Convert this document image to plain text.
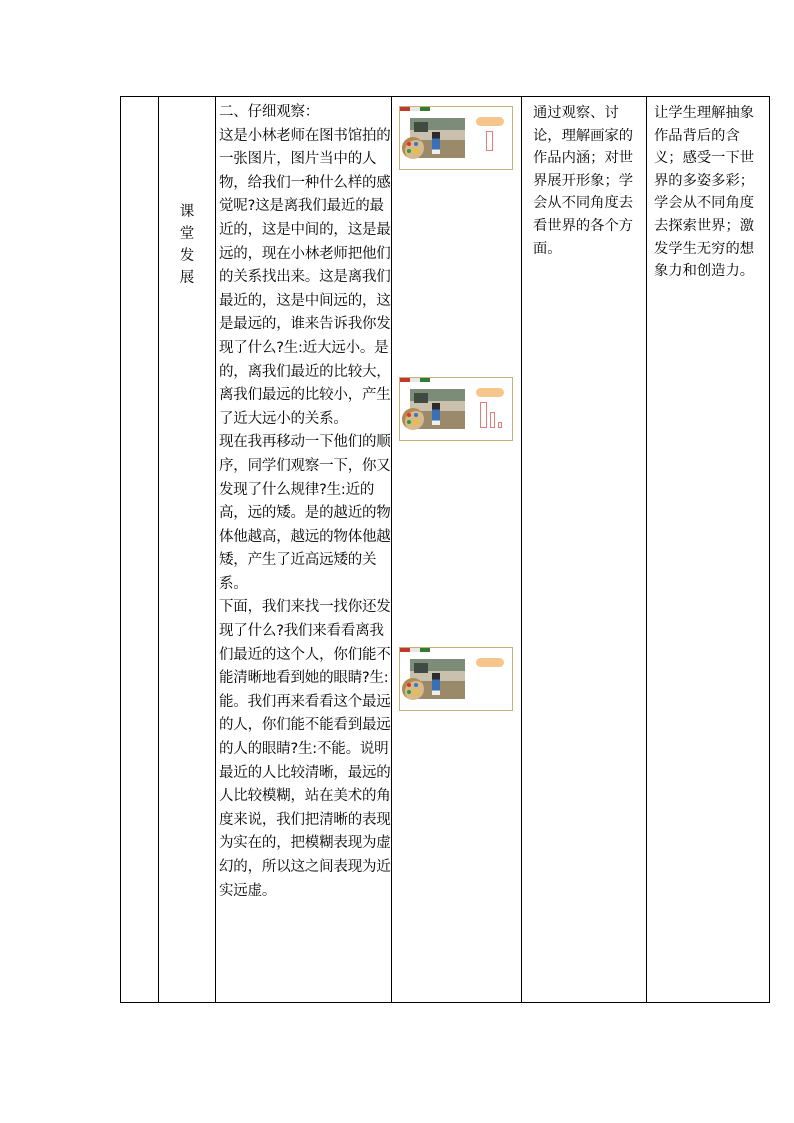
课
堂
发
展

二、仔细观察：

这是小林老师在图书馆拍的一张图片，图片当中的人物，给我们一种什么样的感觉呢?这是离我们最近的最近的，这是中间的，这是最远的，现在小林老师把他们的关系找出来。这是离我们最近的，这是中间远的，这是最远的，谁来告诉我你发现了什么?生:近大远小。是的，离我们最近的比较大，离我们最远的比较小，产生了近大远小的关系。

现在我再移动一下他们的顺序，同学们观察一下，你又发现了什么规律?生:近的高，远的矮。是的越近的物体他越高，越远的物体他越矮，产生了近高远矮的关系。

下面，我们来找一找你还发现了什么?我们来看看离我们最近的这个人，你们能不能清晰地看到她的眼睛?生:能。我们再来看看这个最远的人，你们能不能看到最远的人的眼睛?生:不能。说明最近的人比较清晰，最远的人比较模糊，站在美术的角度来说，我们把清晰的表现为实在的，把模糊表现为虚幻的，所以这之间表现为近实远虚。

通过观察、讨论，理解画家的作品内涵；对世界展开形象；学会从不同角度去看世界的各个方面。
让学生理解抽象作品背后的含义；感受一下世界的多姿多彩；学会从不同角度去探索世界；激发学生无穷的想象力和创造力。
